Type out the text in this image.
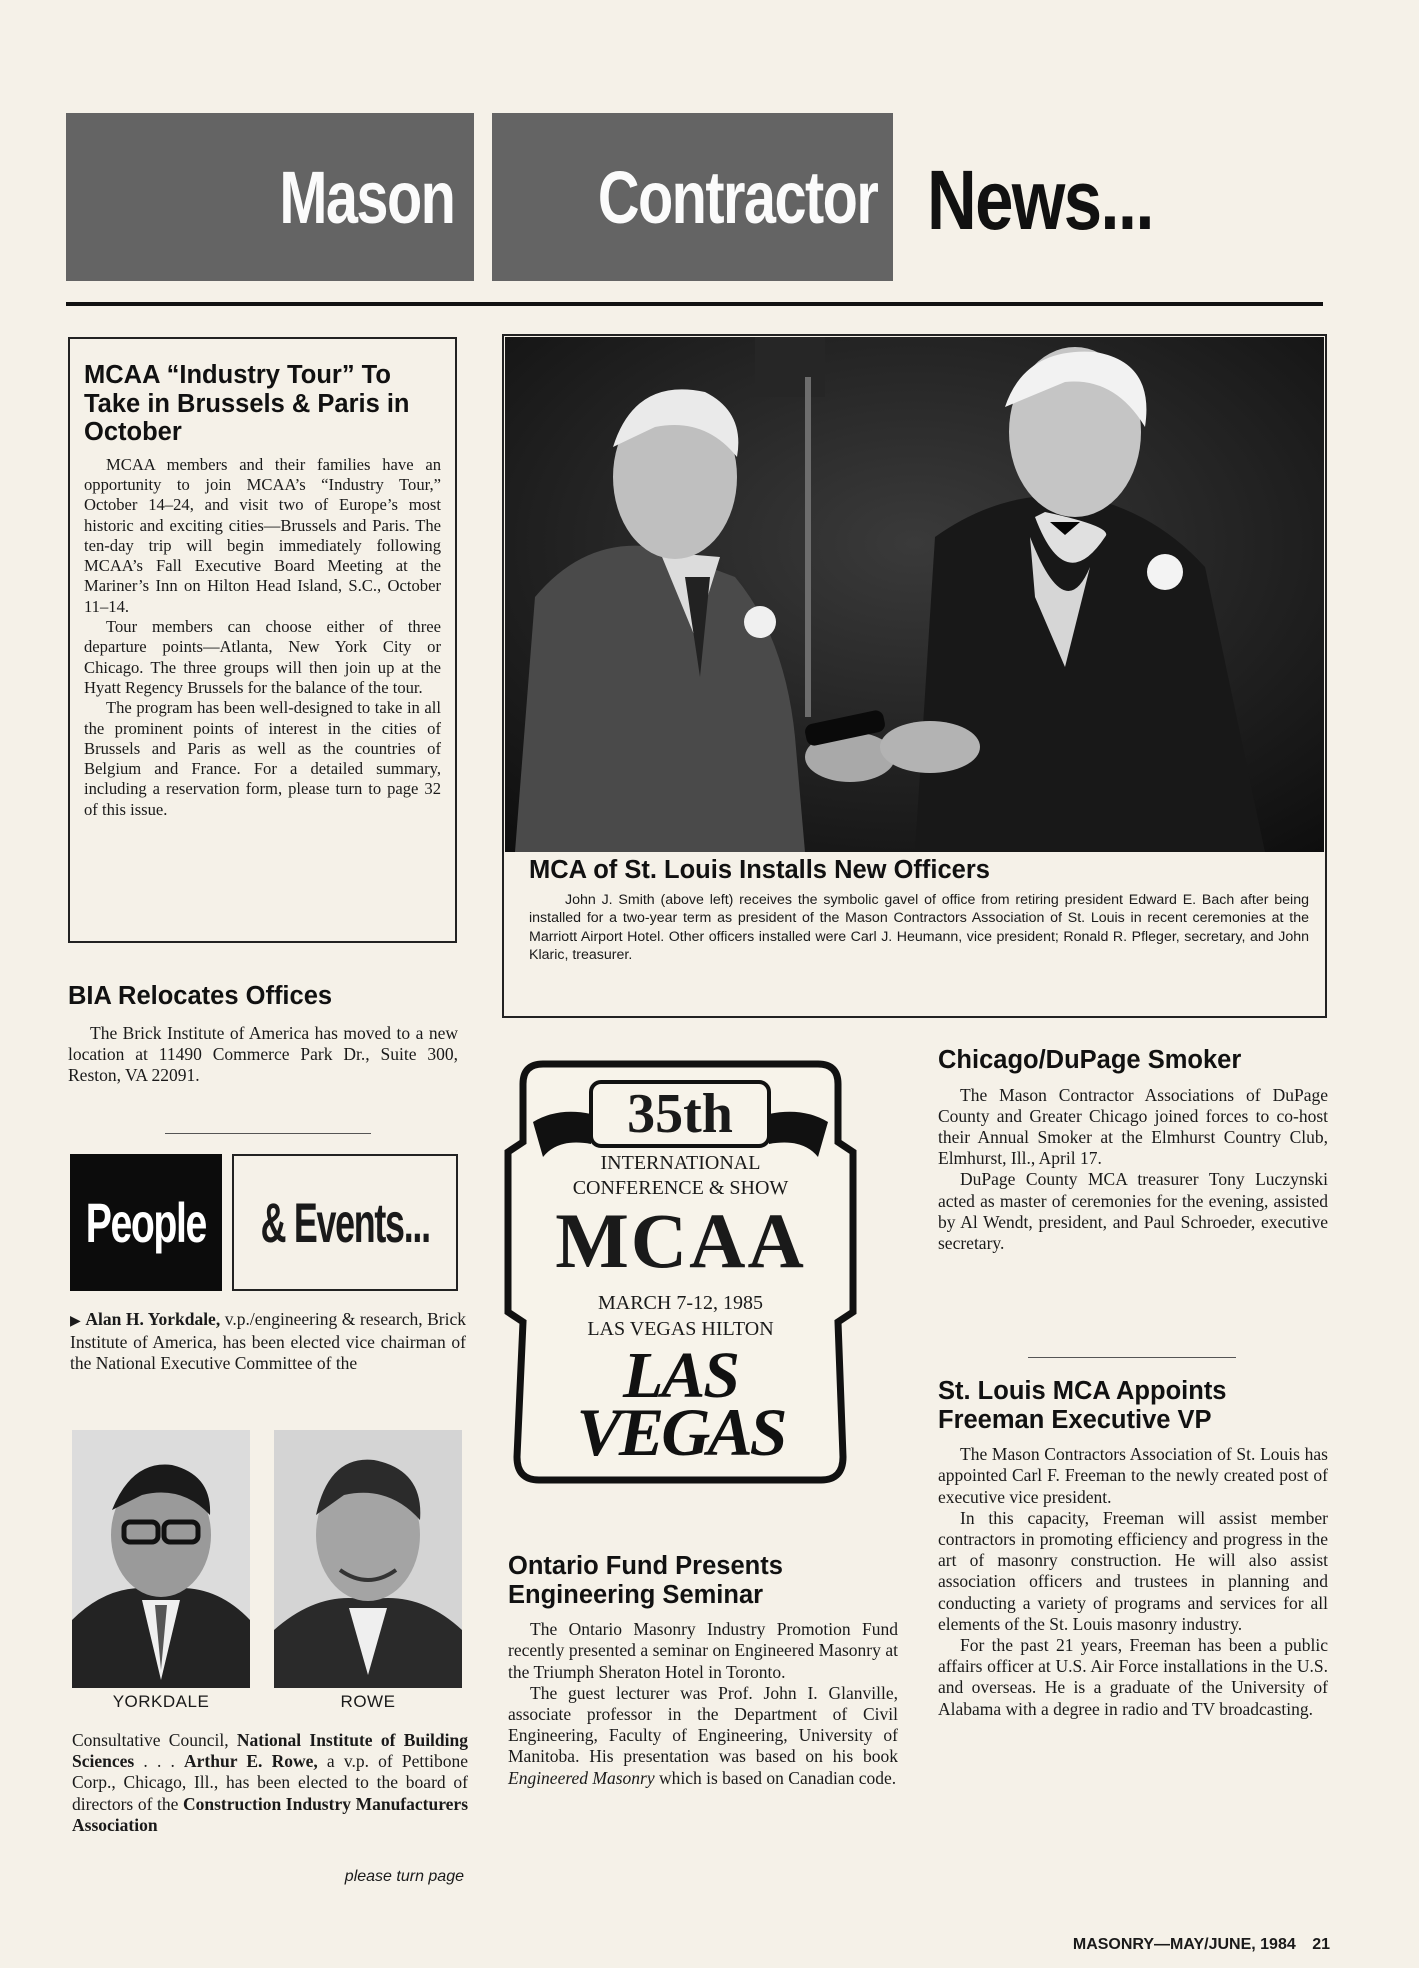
Mason Contractor News...
MCAA “Industry Tour” To Take in Brussels & Paris in October

MCAA members and their families have an opportunity to join MCAA’s “Industry Tour,” October 14–24, and visit two of Europe’s most historic and exciting cities—Brussels and Paris. The ten-day trip will begin immediately following MCAA’s Fall Executive Board Meeting at the Mariner’s Inn on Hilton Head Island, S.C., October 11–14.

Tour members can choose either of three departure points—Atlanta, New York City or Chicago. The three groups will then join up at the Hyatt Regency Brussels for the balance of the tour.

The program has been well-designed to take in all the prominent points of interest in the cities of Brussels and Paris as well as the countries of Belgium and France. For a detailed summary, including a reservation form, please turn to page 32 of this issue.

MCA of St. Louis Installs New Officers

John J. Smith (above left) receives the symbolic gavel of office from retiring president Edward E. Bach after being installed for a two-year term as president of the Mason Contractors Association of St. Louis in recent ceremonies at the Marriott Airport Hotel. Other officers installed were Carl J. Heumann, vice president; Ronald R. Pfleger, secretary, and John Klaric, treasurer.

BIA Relocates Offices

The Brick Institute of America has moved to a new location at 11490 Commerce Park Dr., Suite 300, Reston, VA 22091.

People & Events...
▶ Alan H. Yorkdale, v.p./engineering & research, Brick Institute of America, has been elected vice chairman of the National Executive Committee of the
YORKDALE	ROWE
Consultative Council, National Institute of Building Sciences . . . Arthur E. Rowe, a v.p. of Pettibone Corp., Chicago, Ill., has been elected to the board of directors of the Construction Industry Manufacturers Association
please turn page
35th
INTERNATIONAL
CONFERENCE & SHOW
MCAA
MARCH 7-12, 1985
LAS VEGAS HILTON
LAS
VEGAS
Ontario Fund Presents Engineering Seminar

The Ontario Masonry Industry Promotion Fund recently presented a seminar on Engineered Masonry at the Triumph Sheraton Hotel in Toronto.

The guest lecturer was Prof. John I. Glanville, associate professor in the Department of Civil Engineering, Faculty of Engineering, University of Manitoba. His presentation was based on his book Engineered Masonry which is based on Canadian code.

Chicago/DuPage Smoker

The Mason Contractor Associations of DuPage County and Greater Chicago joined forces to co-host their Annual Smoker at the Elmhurst Country Club, Elmhurst, Ill., April 17.

DuPage County MCA treasurer Tony Luczynski acted as master of ceremonies for the evening, assisted by Al Wendt, president, and Paul Schroeder, executive secretary.

St. Louis MCA Appoints Freeman Executive VP

The Mason Contractors Association of St. Louis has appointed Carl F. Freeman to the newly created post of executive vice president.

In this capacity, Freeman will assist member contractors in promoting efficiency and progress in the art of masonry construction. He will also assist association officers and trustees in planning and conducting a variety of programs and services for all elements of the St. Louis masonry industry.

For the past 21 years, Freeman has been a public affairs officer at U.S. Air Force installations in the U.S. and overseas. He is a graduate of the University of Alabama with a degree in radio and TV broadcasting.

MASONRY—MAY/JUNE, 1984 21
